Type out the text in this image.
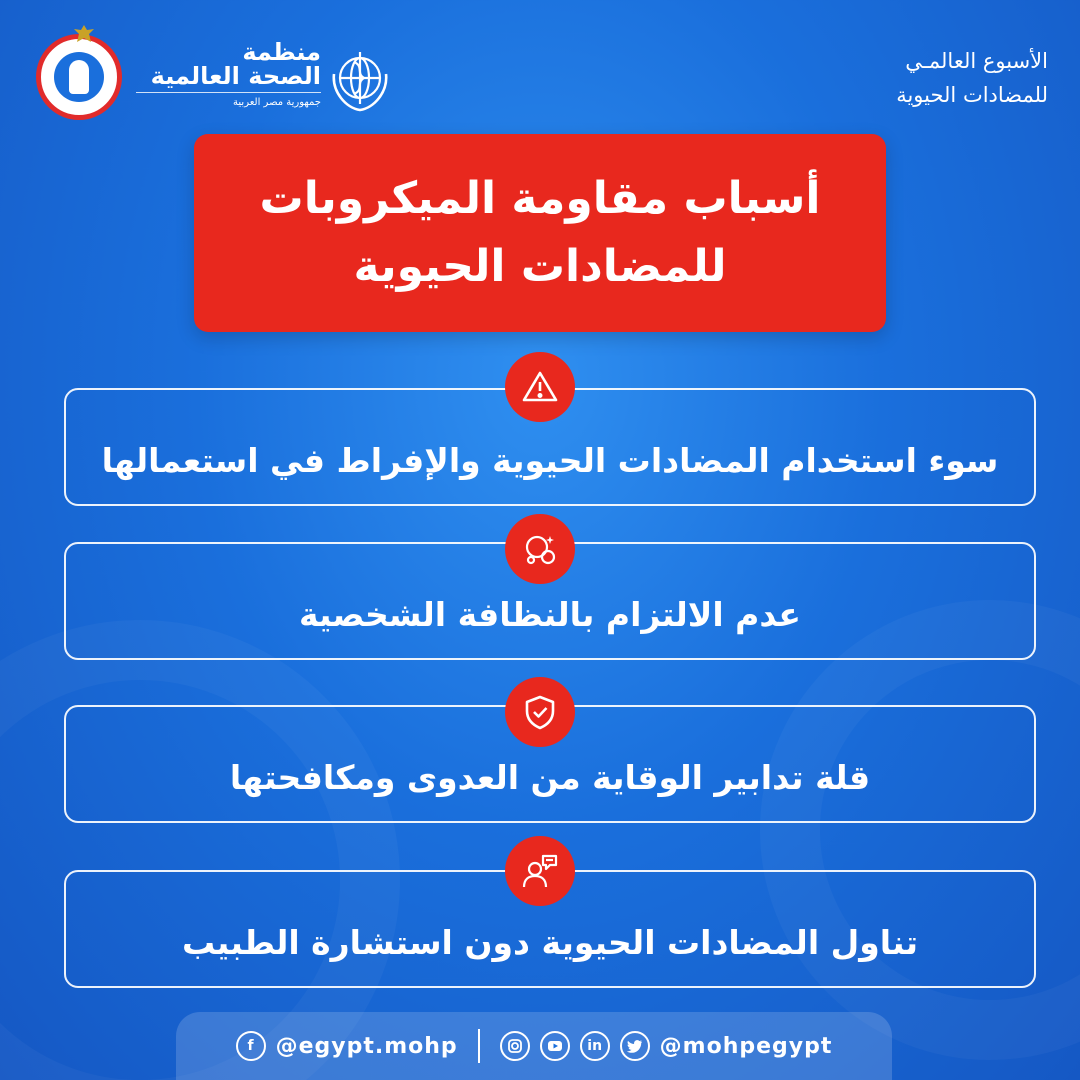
الأسبوع العالمـي
للمضادات الحيوية
منظمة
الصحة العالمية
جمهورية مصر العربية
أسباب مقاومة الميكروبات
للمضادات الحيوية
سوء استخدام المضادات الحيوية والإفراط في استعمالها
عدم الالتزام بالنظافة الشخصية
قلة تدابير الوقاية من العدوى ومكافحتها
تناول المضادات الحيوية دون استشارة الطبيب
f @egypt.mohp	in	@mohpegypt
